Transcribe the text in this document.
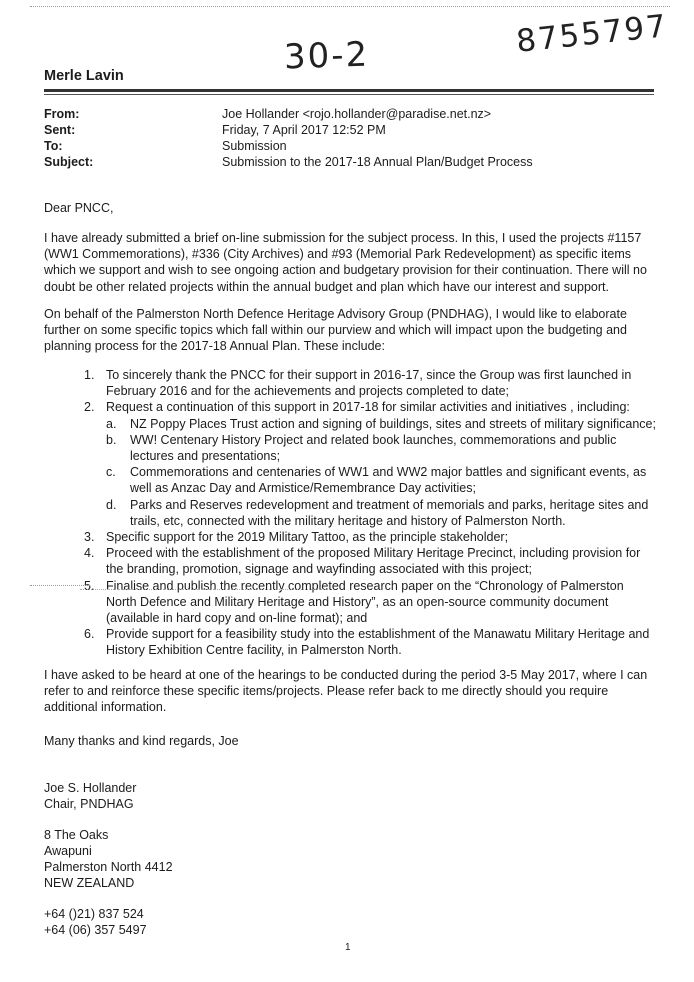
30-2	8755797
Merle Lavin
From:	Joe Hollander <rojo.hollander@paradise.net.nz>
Sent:	Friday, 7 April 2017 12:52 PM
To:	Submission
Subject:	Submission to the 2017-18 Annual Plan/Budget Process
Dear PNCC,
I have already submitted a brief on-line submission for the subject process. In this, I used the projects #1157 (WW1 Commemorations), #336 (City Archives) and #93 (Memorial Park Redevelopment) as specific items which we support and wish to see ongoing action and budgetary provision for their continuation. There will no doubt be other related projects within the annual budget and plan which have our interest and support.
On behalf of the Palmerston North Defence Heritage Advisory Group (PNDHAG), I would like to elaborate further on some specific topics which fall within our purview and which will impact upon the budgeting and planning process for the 2017-18 Annual Plan. These include:
1. To sincerely thank the PNCC for their support in 2016-17, since the Group was first launched in February 2016 and for the achievements and projects completed to date;
2. Request a continuation of this support in 2017-18 for similar activities and initiatives , including:
a. NZ Poppy Places Trust action and signing of buildings, sites and streets of military significance;
b. WW! Centenary History Project and related book launches, commemorations and public lectures and presentations;
c. Commemorations and centenaries of WW1 and WW2 major battles and significant events, as well as Anzac Day and Armistice/Remembrance Day activities;
d. Parks and Reserves redevelopment and treatment of memorials and parks, heritage sites and trails, etc, connected with the military heritage and history of Palmerston North.
3. Specific support for the 2019 Military Tattoo, as the principle stakeholder;
4. Proceed with the establishment of the proposed Military Heritage Precinct, including provision for the branding, promotion, signage and wayfinding associated with this project;
5. Finalise and publish the recently completed research paper on the “Chronology of Palmerston North Defence and Military Heritage and History”, as an open-source community document (available in hard copy and on-line format); and
6. Provide support for a feasibility study into the establishment of the Manawatu Military Heritage and History Exhibition Centre facility, in Palmerston North.
I have asked to be heard at one of the hearings to be conducted during the period 3-5 May 2017, where I can refer to and reinforce these specific items/projects. Please refer back to me directly should you require additional information.
Many thanks and kind regards, Joe
Joe S. Hollander
Chair, PNDHAG
8 The Oaks
Awapuni
Palmerston North 4412
NEW ZEALAND
+64 ()21) 837 524
+64 (06) 357 5497
1
